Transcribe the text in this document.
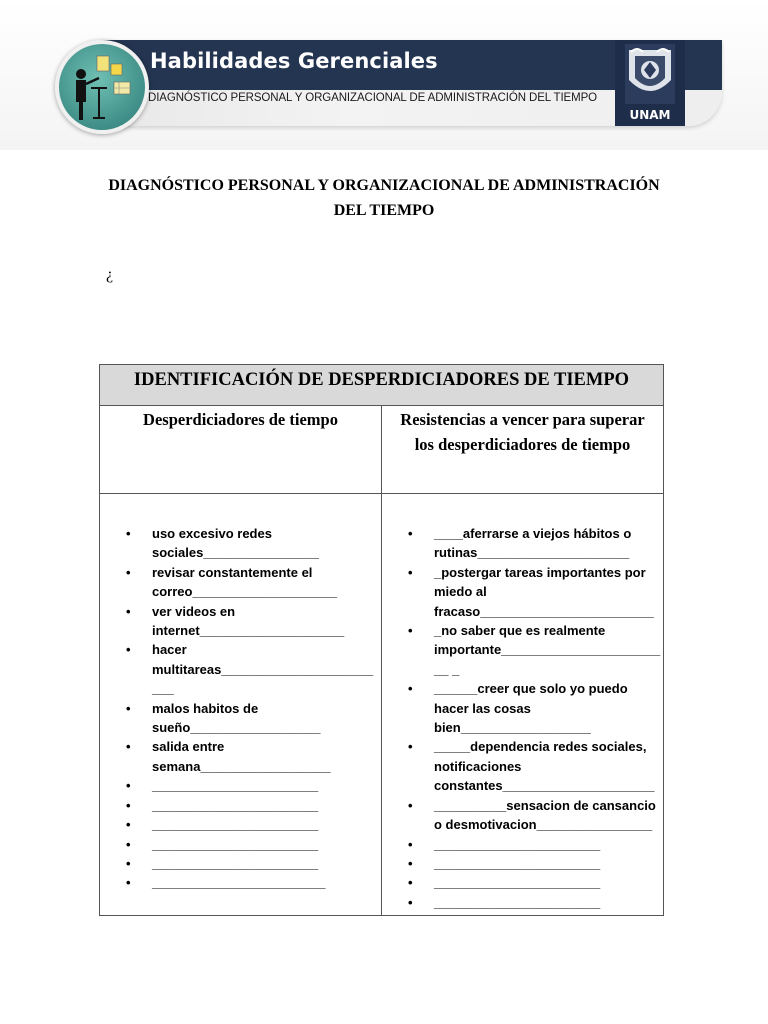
Habilidades Gerenciales
DIAGNÓSTICO PERSONAL Y ORGANIZACIONAL DE ADMINISTRACIÓN DEL TIEMPO
UNAM
DIAGNÓSTICO PERSONAL Y ORGANIZACIONAL DE ADMINISTRACIÓN
DEL TIEMPO
¿
IDENTIFICACIÓN DE DESPERDICIADORES DE TIEMPO
Desperdiciadores de tiempo	Resistencias a vencer para superar los desperdiciadores de tiempo
• uso excesivo redes sociales________________
• revisar constantemente el correo____________________
• ver videos en internet____________________
• hacer multitareas________________________
• malos habitos de sueño__________________
• salida entre semana__________________
• _______________________
• _______________________
• _______________________
• _______________________
• _______________________
• ________________________
• ____aferrarse a viejos hábitos o rutinas_____________________
• _postergar tareas importantes por miedo al fracaso________________________
• _no saber que es realmente importante________________________ _
• ______creer que solo yo puedo hacer las cosas bien__________________
• _____dependencia redes sociales, notificaciones constantes_____________________
• __________sensacion de cansancio o desmotivacion________________
• _______________________
• _______________________
• _______________________
• _______________________
